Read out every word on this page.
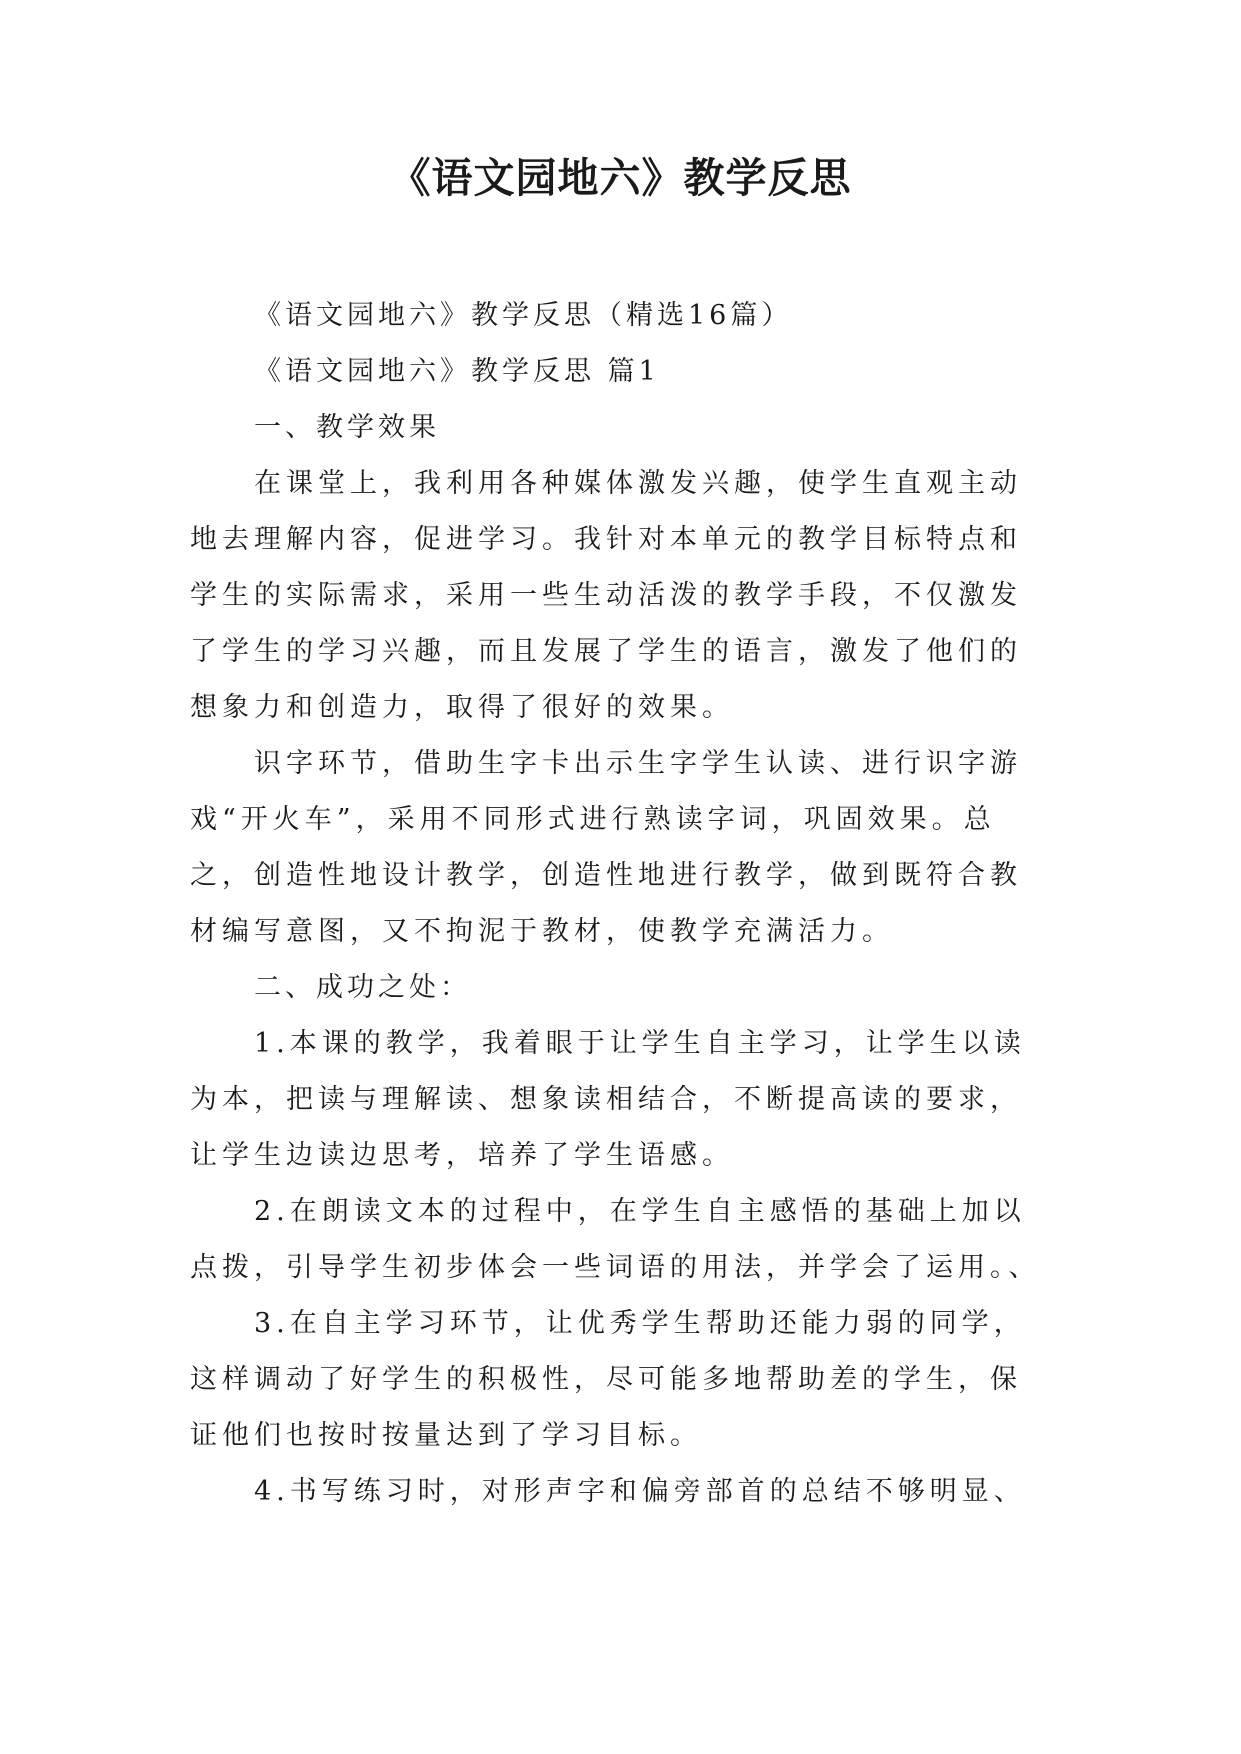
《语文园地六》教学反思
《语文园地六》教学反思（精选16篇）
《语文园地六》教学反思 篇1
一、教学效果
在课堂上，我利用各种媒体激发兴趣，使学生直观主动
地去理解内容，促进学习。我针对本单元的教学目标特点和
学生的实际需求，采用一些生动活泼的教学手段，不仅激发
了学生的学习兴趣，而且发展了学生的语言，激发了他们的
想象力和创造力，取得了很好的效果。
识字环节，借助生字卡出示生字学生认读、进行识字游
戏“开火车”，采用不同形式进行熟读字词，巩固效果。总
之，创造性地设计教学，创造性地进行教学，做到既符合教
材编写意图，又不拘泥于教材，使教学充满活力。
二、成功之处：
1.本课的教学，我着眼于让学生自主学习，让学生以读
为本，把读与理解读、想象读相结合，不断提高读的要求，
让学生边读边思考，培养了学生语感。
2.在朗读文本的过程中，在学生自主感悟的基础上加以
点拨，引导学生初步体会一些词语的用法，并学会了运用。、
3.在自主学习环节，让优秀学生帮助还能力弱的同学，
这样调动了好学生的积极性，尽可能多地帮助差的学生，保
证他们也按时按量达到了学习目标。
4.书写练习时，对形声字和偏旁部首的总结不够明显、
